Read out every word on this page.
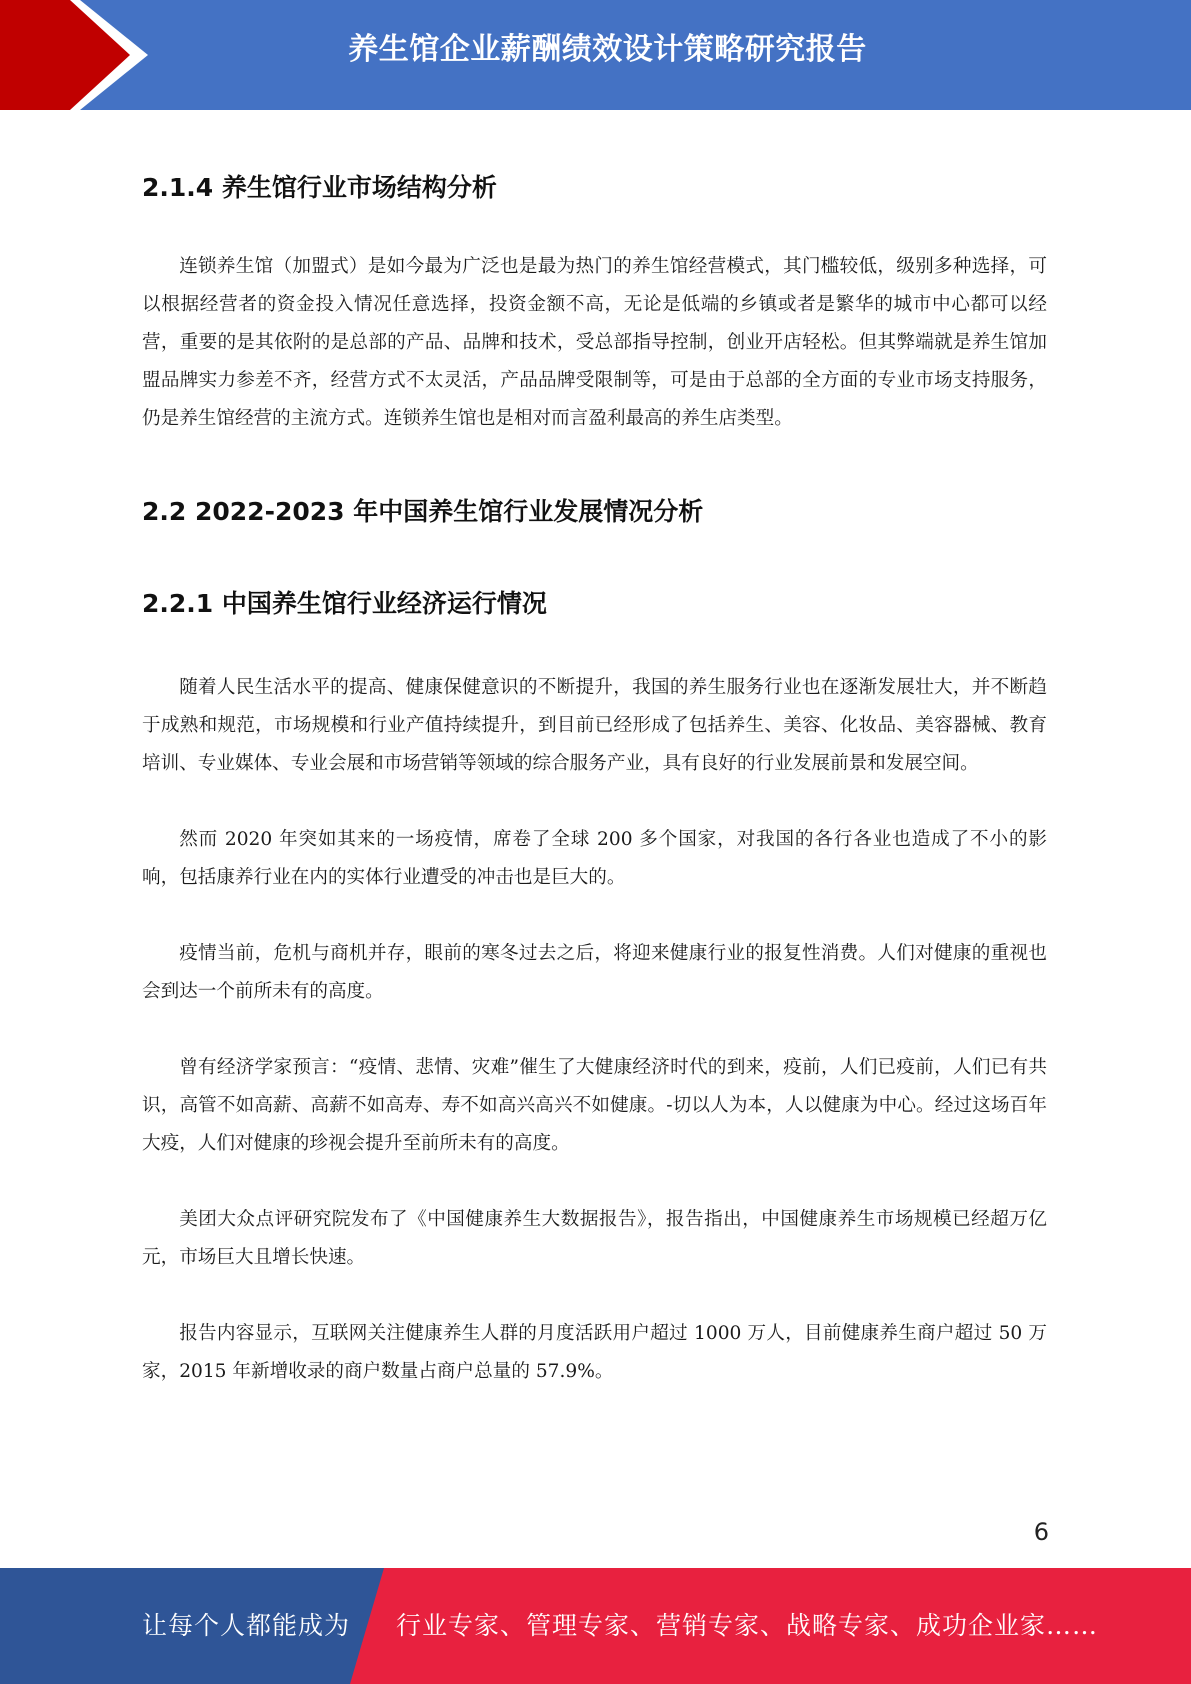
养生馆企业薪酬绩效设计策略研究报告
2.1.4 养生馆行业市场结构分析

连锁养生馆（加盟式）是如今最为广泛也是最为热门的养生馆经营模式，其门槛较低，级别多种选择，可以根据经营者的资金投入情况任意选择，投资金额不高，无论是低端的乡镇或者是繁华的城市中心都可以经营，重要的是其依附的是总部的产品、品牌和技术，受总部指导控制，创业开店轻松。但其弊端就是养生馆加盟品牌实力参差不齐，经营方式不太灵活，产品品牌受限制等，可是由于总部的全方面的专业市场支持服务，仍是养生馆经营的主流方式。连锁养生馆也是相对而言盈利最高的养生店类型。

2.2 2022-2023 年中国养生馆行业发展情况分析
2.2.1 中国养生馆行业经济运行情况

随着人民生活水平的提高、健康保健意识的不断提升，我国的养生服务行业也在逐渐发展壮大，并不断趋于成熟和规范，市场规模和行业产值持续提升，到目前已经形成了包括养生、美容、化妆品、美容器械、教育培训、专业媒体、专业会展和市场营销等领域的综合服务产业，具有良好的行业发展前景和发展空间。

然而 2020 年突如其来的一场疫情，席卷了全球 200 多个国家，对我国的各行各业也造成了不小的影响，包括康养行业在内的实体行业遭受的冲击也是巨大的。

疫情当前，危机与商机并存，眼前的寒冬过去之后，将迎来健康行业的报复性消费。人们对健康的重视也会到达一个前所未有的高度。

曾有经济学家预言：“疫情、悲情、灾难”催生了大健康经济时代的到来，疫前，人们已疫前，人们已有共识，高管不如高薪、高薪不如高寿、寿不如高兴高兴不如健康。-切以人为本，人以健康为中心。经过这场百年大疫，人们对健康的珍视会提升至前所未有的高度。

美团大众点评研究院发布了《中国健康养生大数据报告》，报告指出，中国健康养生市场规模已经超万亿元，市场巨大且增长快速。

报告内容显示，互联网关注健康养生人群的月度活跃用户超过 1000 万人，目前健康养生商户超过 50 万家，2015 年新增收录的商户数量占商户总量的 57.9%。

6
让每个人都能成为 行业专家、管理专家、营销专家、战略专家、成功企业家……
